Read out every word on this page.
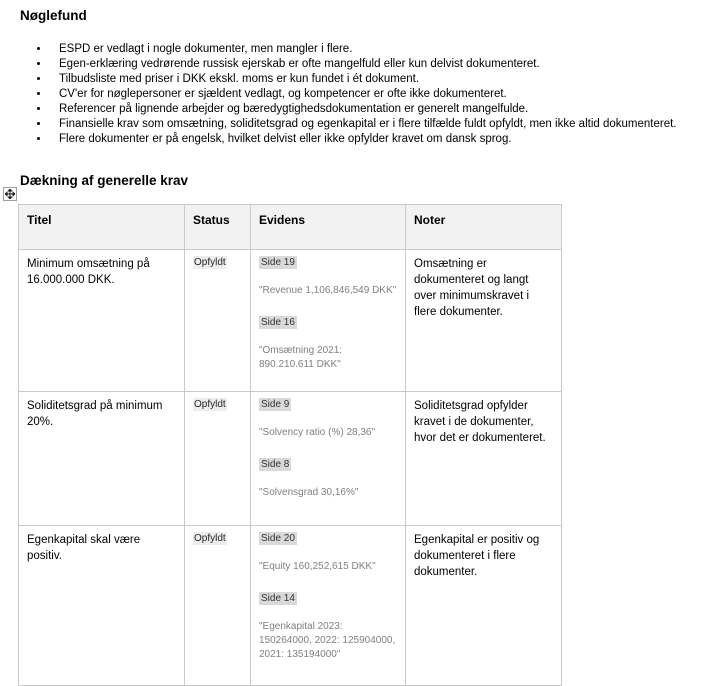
Nøglefund
• ESPD er vedlagt i nogle dokumenter, men mangler i flere.
• Egen-erklæring vedrørende russisk ejerskab er ofte mangelfuld eller kun delvist dokumenteret.
• Tilbudsliste med priser i DKK ekskl. moms er kun fundet i ét dokument.
• CV'er for nøglepersoner er sjældent vedlagt, og kompetencer er ofte ikke dokumenteret.
• Referencer på lignende arbejder og bæredygtighedsdokumentation er generelt mangelfulde.
• Finansielle krav som omsætning, soliditetsgrad og egenkapital er i flere tilfælde fuldt opfyldt, men ikke altid dokumenteret.
• Flere dokumenter er på engelsk, hvilket delvist eller ikke opfylder kravet om dansk sprog.
Dækning af generelle krav
Titel	Status	Evidens	Noter
Minimum omsætning på 16.000.000 DKK.	Opfyldt	Side 19
"Revenue 1,106,846,549 DKK"
Side 16
"Omsætning 2021: 890.210.611 DKK"	Omsætning er dokumenteret og langt over minimumskravet i flere dokumenter.
Soliditetsgrad på minimum 20%.	Opfyldt	Side 9
"Solvency ratio (%) 28,36"
Side 8
"Solvensgrad 30,16%"	Soliditetsgrad opfylder kravet i de dokumenter, hvor det er dokumenteret.
Egenkapital skal være positiv.	Opfyldt	Side 20
"Equity 160,252,615 DKK"
Side 14
"Egenkapital 2023: 150264000, 2022: 125904000, 2021: 135194000"	Egenkapital er positiv og dokumenteret i flere dokumenter.
